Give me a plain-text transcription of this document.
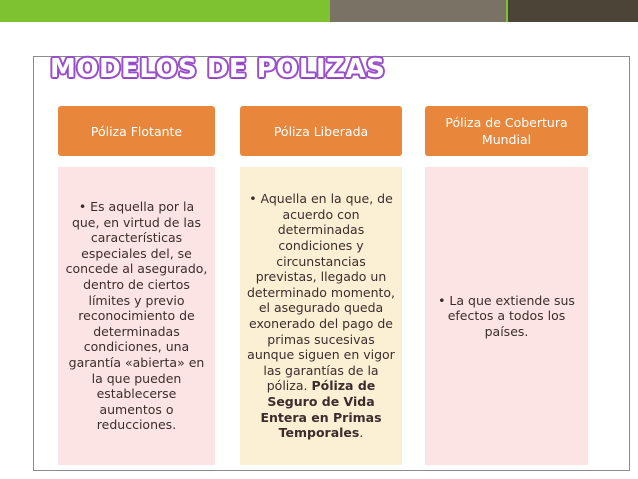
MODELOS DE POLIZAS
Póliza Flotante	Póliza Liberada
Póliza de Cobertura Mundial
• Es aquella por la que, en virtud de las características especiales del, se concede al asegurado, dentro de ciertos límites y previo reconocimiento de determinadas condiciones, una garantía «abierta» en la que pueden establecerse aumentos o reducciones.
• Aquella en la que, de acuerdo con determinadas condiciones y circunstancias previstas, llegado un determinado momento, el asegurado queda exonerado del pago de primas sucesivas aunque siguen en vigor las garantías de la póliza. Póliza de Seguro de Vida Entera en Primas Temporales.
• La que extiende sus efectos a todos los países.
